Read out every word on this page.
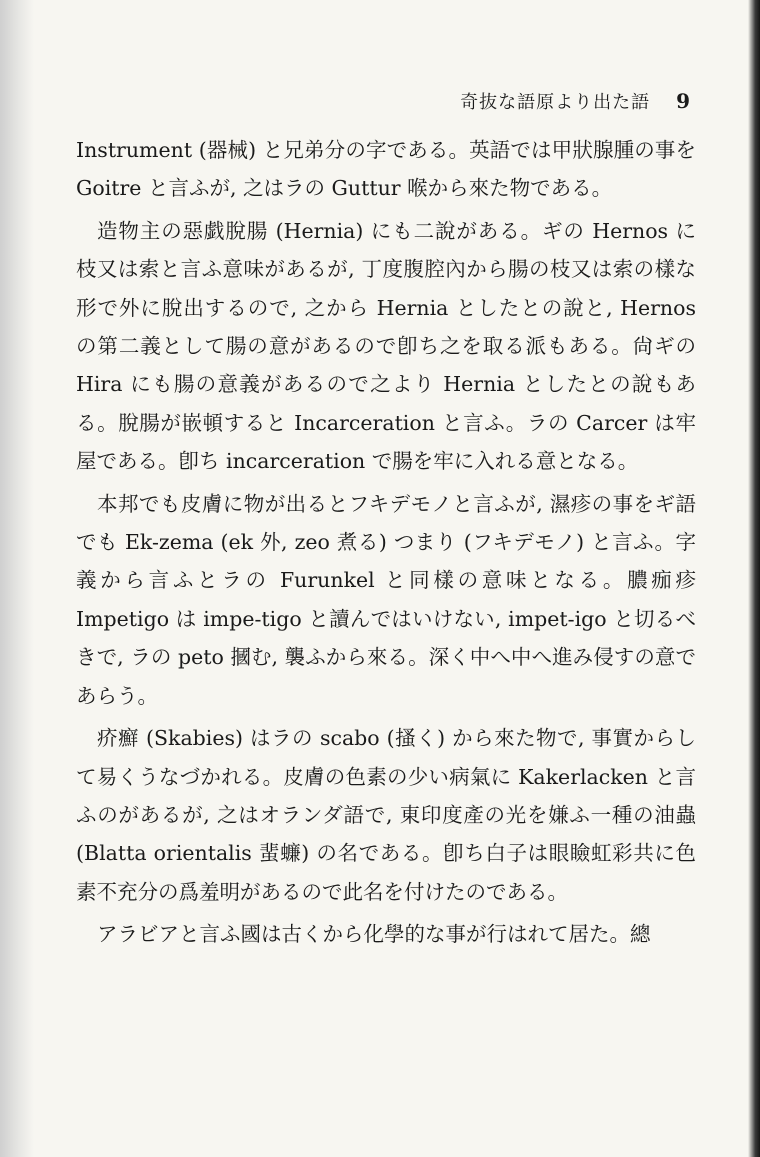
奇抜な語原より出た語 9

Instrument (器械) と兄弟分の字である。英語では甲狀腺腫の事を Goitre と言ふが, 之はラの Guttur 喉から來た物である。

造物主の惡戯脫腸 (Hernia) にも二說がある。ギの Hernos に枝又は索と言ふ意味があるが, 丁度腹腔內から腸の枝又は索の樣な形で外に脫出するので, 之から Hernia としたとの說と, Hernos の第二義として腸の意があるので卽ち之を取る派もある。尙ギの Hira にも腸の意義があるので之より Hernia としたとの說もある。脫腸が嵌頓すると Incarceration と言ふ。ラの Carcer は牢屋である。卽ち incarceration で腸を牢に入れる意となる。

本邦でも皮膚に物が出るとフキデモノと言ふが, 濕疹の事をギ語でも Ek-zema (ek 外, zeo 煮る) つまり (フキデモノ) と言ふ。字義から言ふとラの Furunkel と同樣の意味となる。膿痂疹 Impetigo は impe-tigo と讀んではいけない, impet-igo と切るべきで, ラの peto 摑む, 襲ふから來る。深く中へ中へ進み侵すの意であらう。

疥癬 (Skabies) はラの scabo (搔く) から來た物で, 事實からして易くうなづかれる。皮膚の色素の少い病氣に Kakerlacken と言ふのがあるが, 之はオランダ語で, 東印度產の光を嫌ふ一種の油蟲 (Blatta orientalis 蜚蠊) の名である。卽ち白子は眼瞼虹彩共に色素不充分の爲羞明があるので此名を付けたのである。

アラビアと言ふ國は古くから化學的な事が行はれて居た。總
